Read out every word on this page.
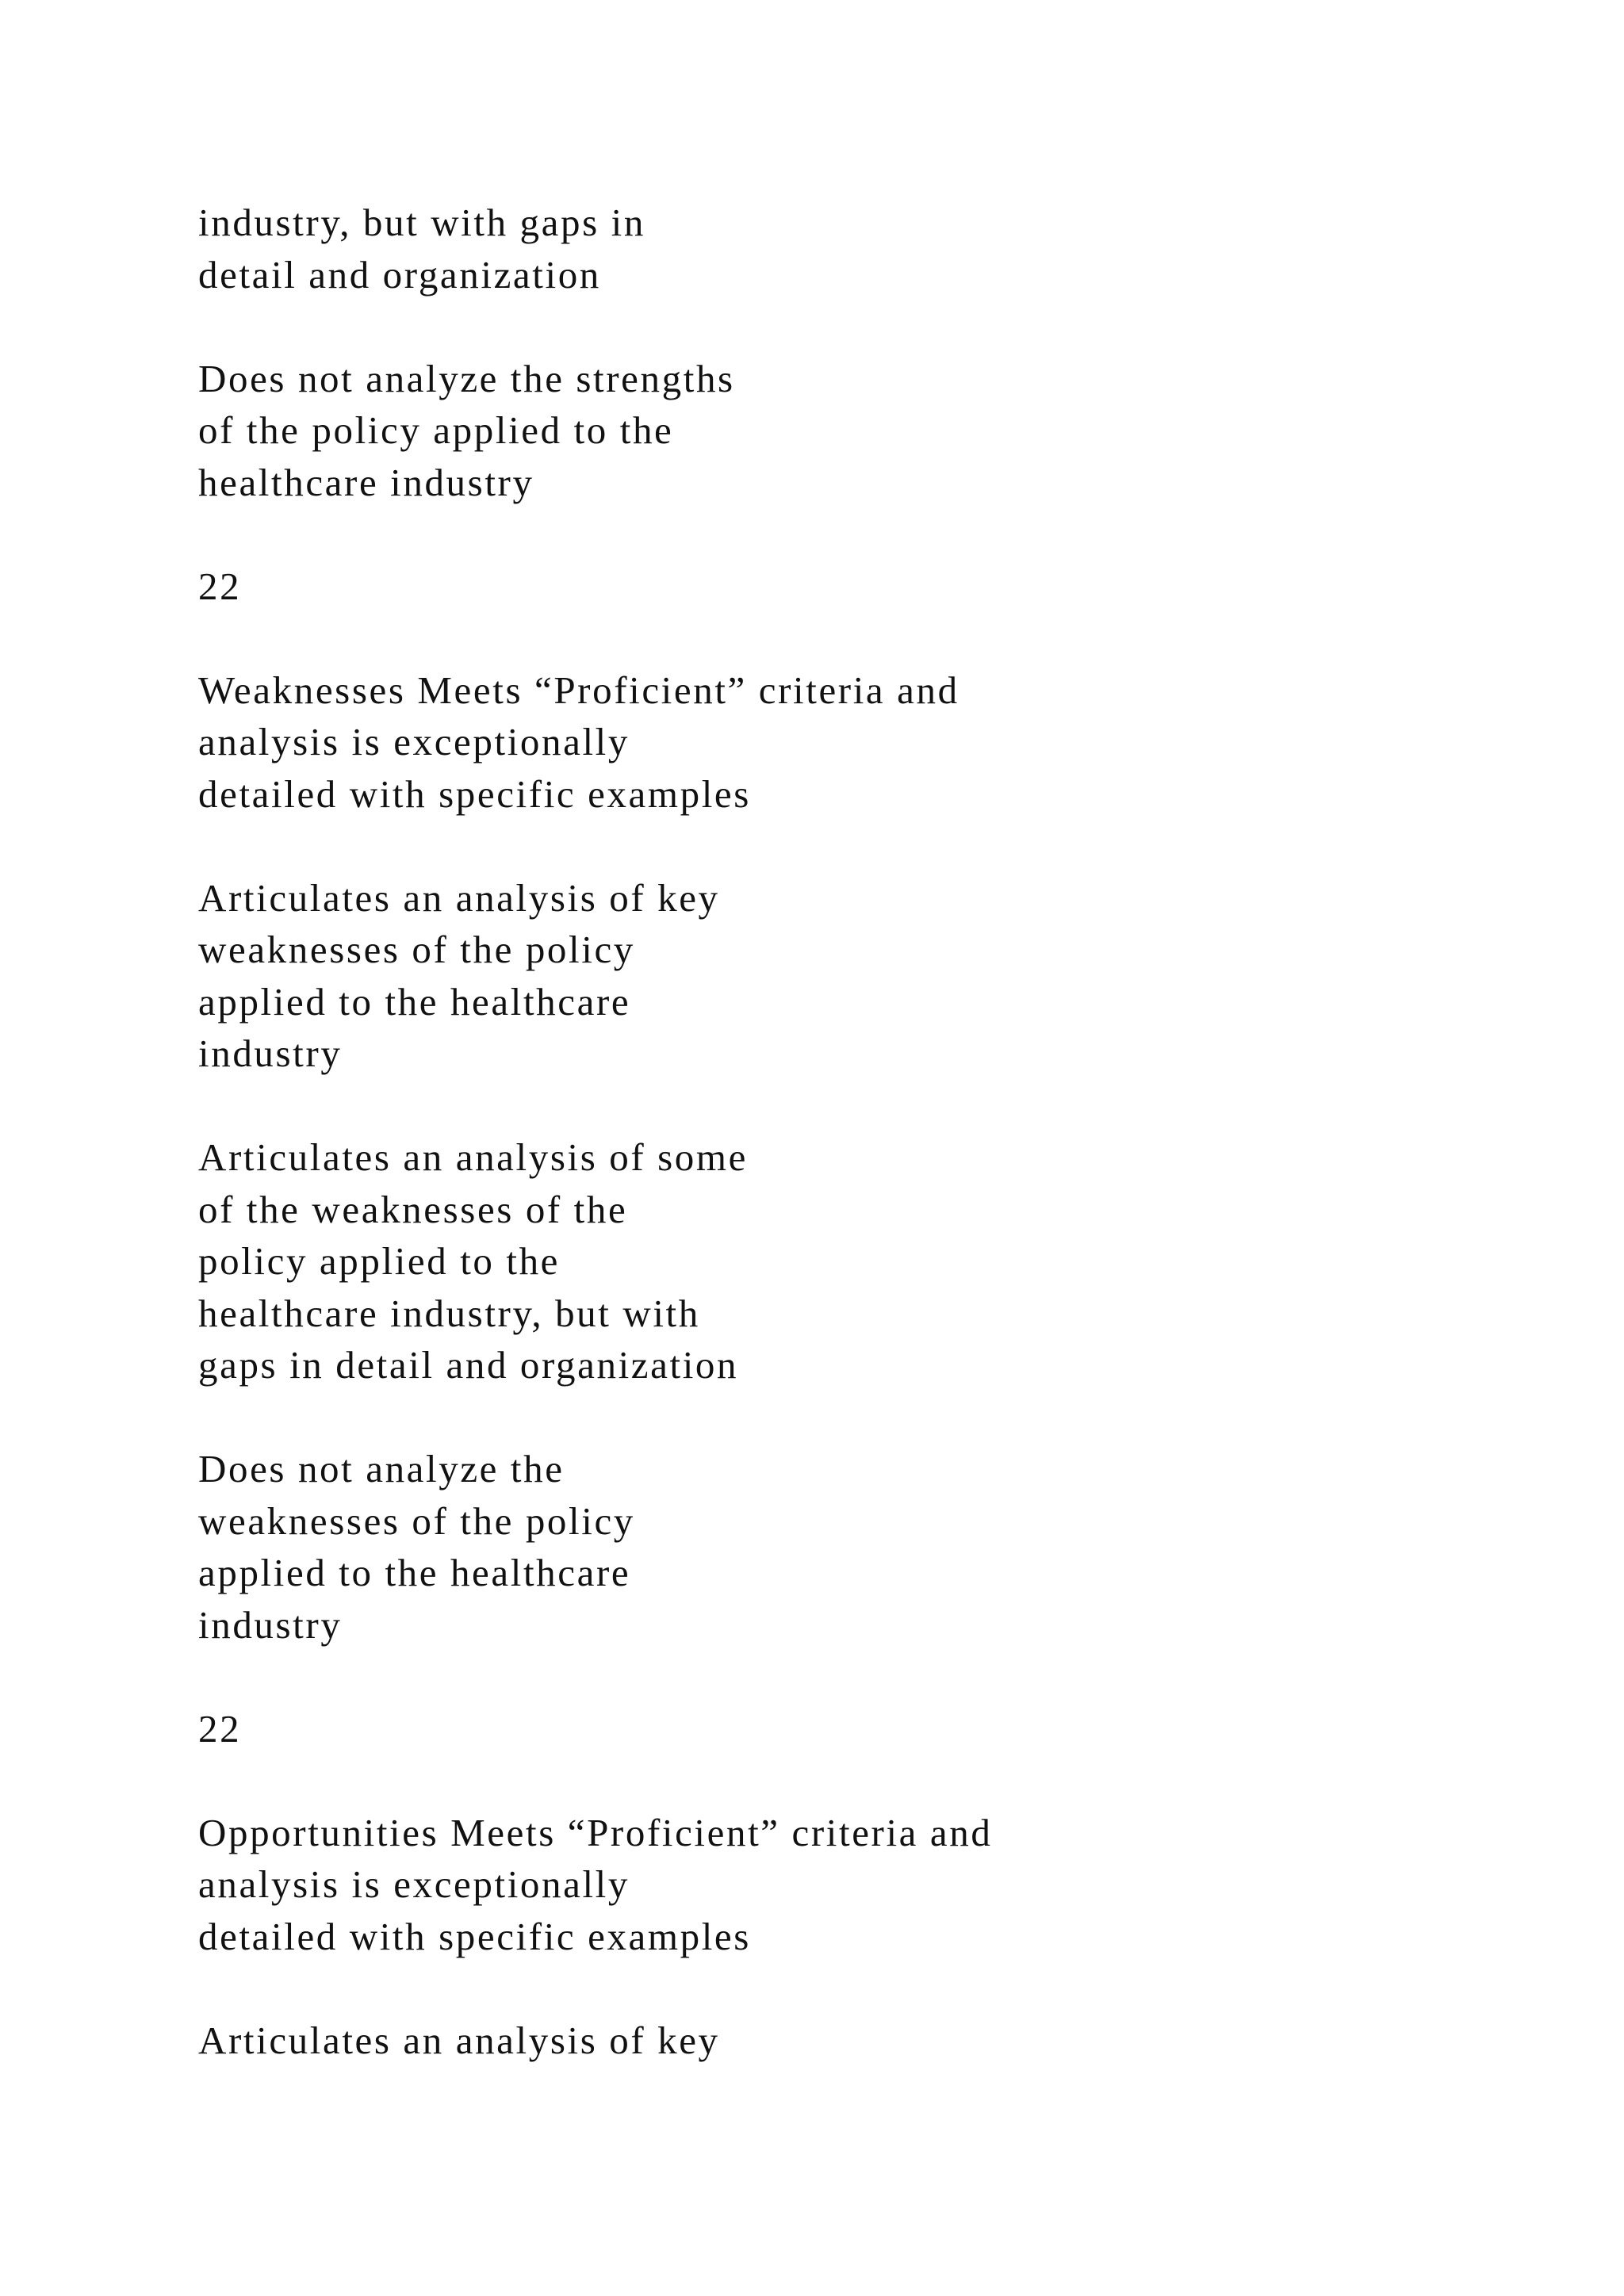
industry, but with gaps in
detail and organization

Does not analyze the strengths
of the policy applied to the
healthcare industry

22

Weaknesses Meets “Proficient” criteria and
analysis is exceptionally
detailed with specific examples

Articulates an analysis of key
weaknesses of the policy
applied to the healthcare
industry

Articulates an analysis of some
of the weaknesses of the
policy applied to the
healthcare industry, but with
gaps in detail and organization

Does not analyze the
weaknesses of the policy
applied to the healthcare
industry

22

Opportunities Meets “Proficient” criteria and
analysis is exceptionally
detailed with specific examples

Articulates an analysis of key
